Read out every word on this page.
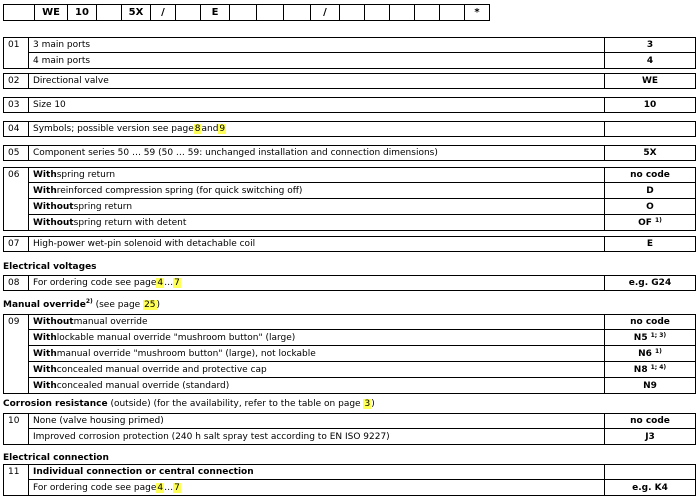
WE	10	5X	/	E	/	*
01	3 main ports	3
4 main ports	4
02	Directional valve	WE
03	Size 10	10
04	Symbols; possible version see page 8 and 9
05	Component series 50 … 59 (50 … 59: unchanged installation and connection dimensions)	5X
06	With spring return	no code
With reinforced compression spring (for quick switching off)	D
Without spring return	O
Without spring return with detent	OF $^{1)}$
07	High-power wet-pin solenoid with detachable coil	E
08	For ordering code see page 4 … 7	e.g. G24
09	Without manual override	no code
With lockable manual override "mushroom button" (large)	N5 $^{1; 3)}$
With manual override "mushroom button" (large), not lockable	N6 $^{1)}$
With concealed manual override and protective cap	N8 $^{1; 4)}$
With concealed manual override (standard)	N9
10	None (valve housing primed)	no code
Improved corrosion protection (240 h salt spray test according to EN ISO 9227)	J3
11	Individual connection or central connection
For ordering code see page 4 … 7	e.g. K4
Electrical voltages
Manual override$^{2)}$ (see page 25)
Corrosion resistance (outside) (for the availability, refer to the table on page 3)
Electrical connection
